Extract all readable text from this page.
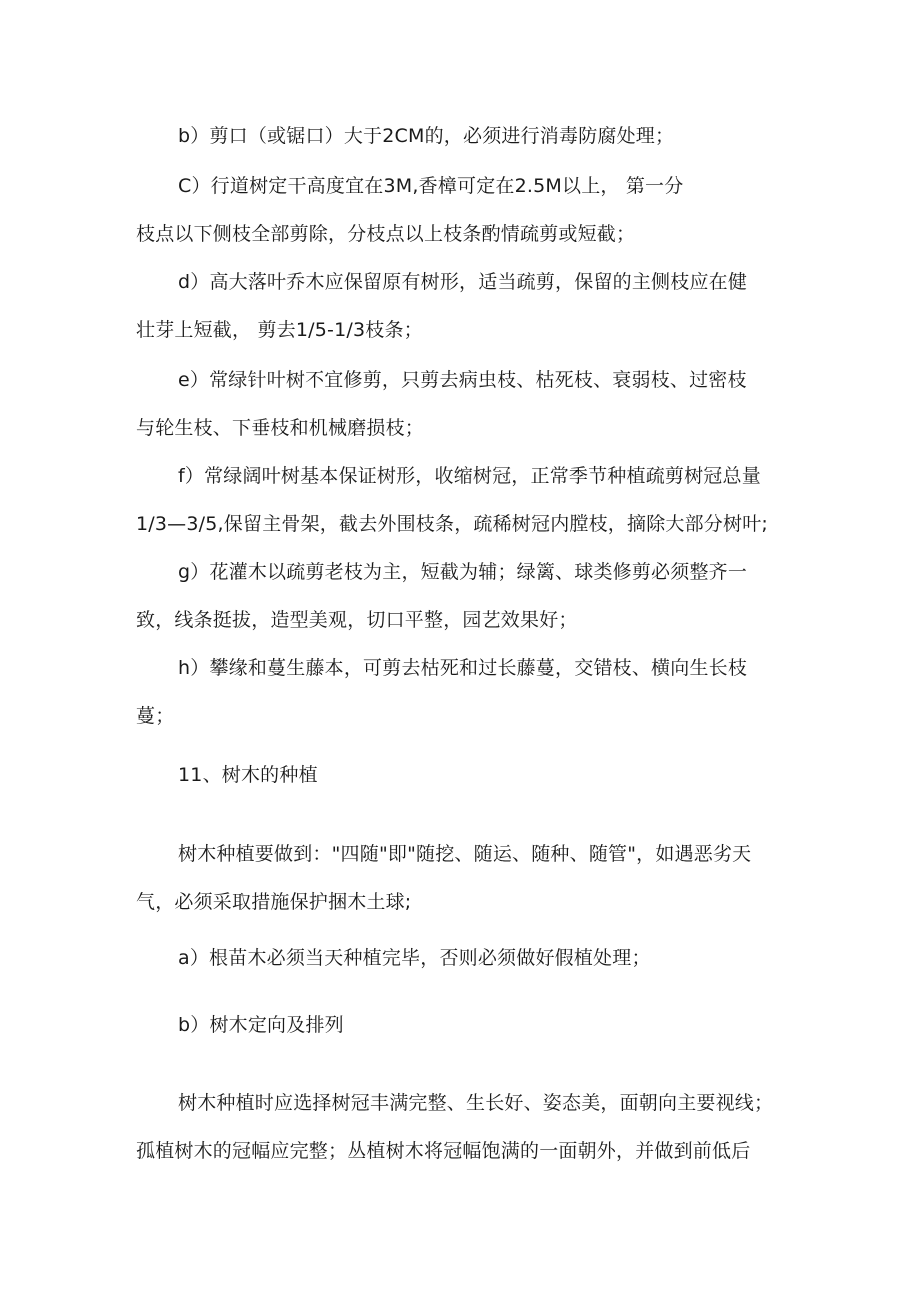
b）剪口（或锯口）大于2CM的，必须进行消毒防腐处理；
C）行道树定干高度宜在3M,香樟可定在2.5M以上， 第一分
枝点以下侧枝全部剪除，分枝点以上枝条酌情疏剪或短截；
d）高大落叶乔木应保留原有树形，适当疏剪，保留的主侧枝应在健
壮芽上短截， 剪去1/5-1/3枝条；
e）常绿针叶树不宜修剪，只剪去病虫枝、枯死枝、衰弱枝、过密枝
与轮生枝、下垂枝和机械磨损枝；
f）常绿阔叶树基本保证树形，收缩树冠，正常季节种植疏剪树冠总量
1/3—3/5,保留主骨架，截去外围枝条，疏稀树冠内膛枝，摘除大部分树叶;
g）花灌木以疏剪老枝为主，短截为辅；绿篱、球类修剪必须整齐一
致，线条挺拔，造型美观，切口平整，园艺效果好；
h）攀缘和蔓生藤本，可剪去枯死和过长藤蔓，交错枝、横向生长枝
蔓；
11、树木的种植
树木种植要做到："四随"即"随挖、随运、随种、随管"，如遇恶劣天
气，必须采取措施保护捆木土球;
a）根苗木必须当天种植完毕，否则必须做好假植处理；
b）树木定向及排列
树木种植时应选择树冠丰满完整、生长好、姿态美，面朝向主要视线；
孤植树木的冠幅应完整；丛植树木将冠幅饱满的一面朝外，并做到前低后
